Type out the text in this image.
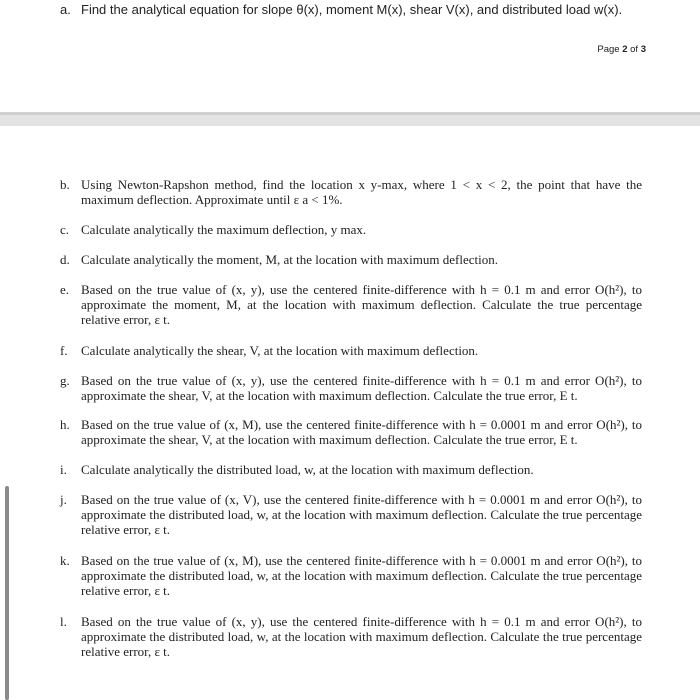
a. Find the analytical equation for slope θ(x), moment M(x), shear V(x), and distributed load w(x).
Page 2 of 3
b. Using Newton-Rapshon method, find the location x y-max, where 1 < x < 2, the point that have the maximum deflection. Approximate until ε a < 1%.
c. Calculate analytically the maximum deflection, y max.
d. Calculate analytically the moment, M, at the location with maximum deflection.
e. Based on the true value of (x, y), use the centered finite-difference with h = 0.1 m and error O(h²), to approximate the moment, M, at the location with maximum deflection. Calculate the true percentage relative error, ε t.
f. Calculate analytically the shear, V, at the location with maximum deflection.
g. Based on the true value of (x, y), use the centered finite-difference with h = 0.1 m and error O(h²), to approximate the shear, V, at the location with maximum deflection. Calculate the true error, E t.
h. Based on the true value of (x, M), use the centered finite-difference with h = 0.0001 m and error O(h²), to approximate the shear, V, at the location with maximum deflection. Calculate the true error, E t.
i. Calculate analytically the distributed load, w, at the location with maximum deflection.
j. Based on the true value of (x, V), use the centered finite-difference with h = 0.0001 m and error O(h²), to approximate the distributed load, w, at the location with maximum deflection. Calculate the true percentage relative error, ε t.
k. Based on the true value of (x, M), use the centered finite-difference with h = 0.0001 m and error O(h²), to approximate the distributed load, w, at the location with maximum deflection. Calculate the true percentage relative error, ε t.
l. Based on the true value of (x, y), use the centered finite-difference with h = 0.1 m and error O(h²), to approximate the distributed load, w, at the location with maximum deflection. Calculate the true percentage relative error, ε t.
